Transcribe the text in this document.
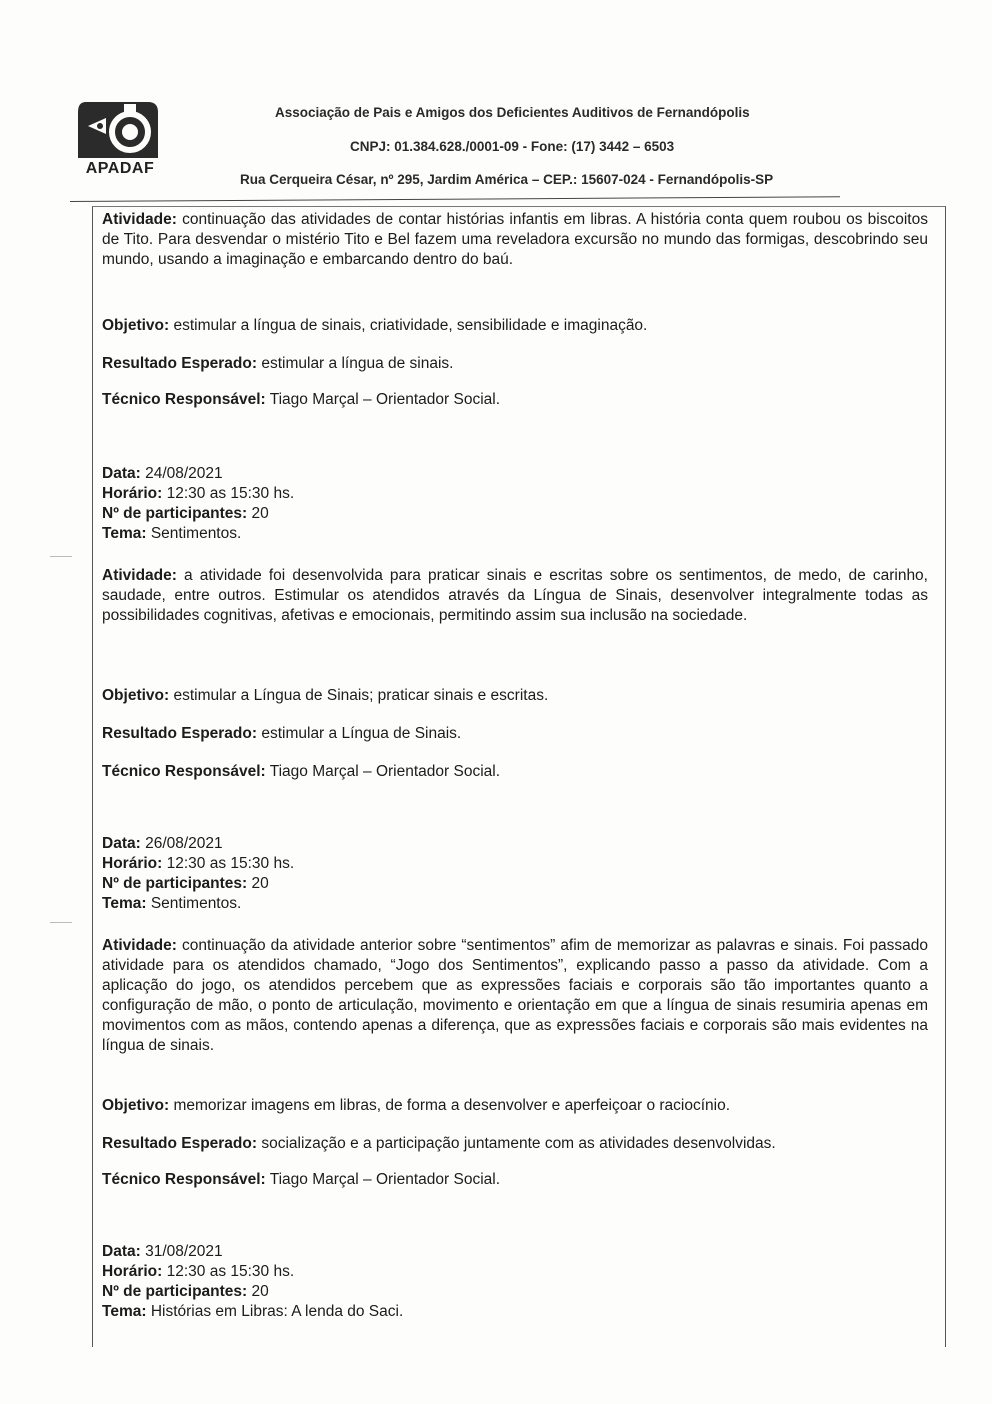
APADAF
Associação de Pais e Amigos dos Deficientes Auditivos de Fernandópolis
CNPJ: 01.384.628./0001-09 - Fone: (17) 3442 – 6503
Rua Cerqueira César, nº 295, Jardim América – CEP.: 15607-024 - Fernandópolis-SP
Atividade: continuação das atividades de contar histórias infantis em libras. A história conta quem roubou os biscoitos de Tito. Para desvendar o mistério Tito e Bel fazem uma reveladora excursão no mundo das formigas, descobrindo seu mundo, usando a imaginação e embarcando dentro do baú.
Objetivo: estimular a língua de sinais, criatividade, sensibilidade e imaginação.
Resultado Esperado: estimular a língua de sinais.
Técnico Responsável: Tiago Marçal – Orientador Social.
Data: 24/08/2021
Horário: 12:30 as 15:30 hs.
Nº de participantes: 20
Tema: Sentimentos.
Atividade: a atividade foi desenvolvida para praticar sinais e escritas sobre os sentimentos, de medo, de carinho, saudade, entre outros. Estimular os atendidos através da Língua de Sinais, desenvolver integralmente todas as possibilidades cognitivas, afetivas e emocionais, permitindo assim sua inclusão na sociedade.
Objetivo: estimular a Língua de Sinais; praticar sinais e escritas.
Resultado Esperado: estimular a Língua de Sinais.
Técnico Responsável: Tiago Marçal – Orientador Social.
Data: 26/08/2021
Horário: 12:30 as 15:30 hs.
Nº de participantes: 20
Tema: Sentimentos.
Atividade: continuação da atividade anterior sobre “sentimentos” afim de memorizar as palavras e sinais. Foi passado atividade para os atendidos chamado, “Jogo dos Sentimentos”, explicando passo a passo da atividade. Com a aplicação do jogo, os atendidos percebem que as expressões faciais e corporais são tão importantes quanto a configuração de mão, o ponto de articulação, movimento e orientação em que a língua de sinais resumiria apenas em movimentos com as mãos, contendo apenas a diferença, que as expressões faciais e corporais são mais evidentes na língua de sinais.
Objetivo: memorizar imagens em libras, de forma a desenvolver e aperfeiçoar o raciocínio.
Resultado Esperado: socialização e a participação juntamente com as atividades desenvolvidas.
Técnico Responsável: Tiago Marçal – Orientador Social.
Data: 31/08/2021
Horário: 12:30 as 15:30 hs.
Nº de participantes: 20
Tema: Histórias em Libras: A lenda do Saci.
